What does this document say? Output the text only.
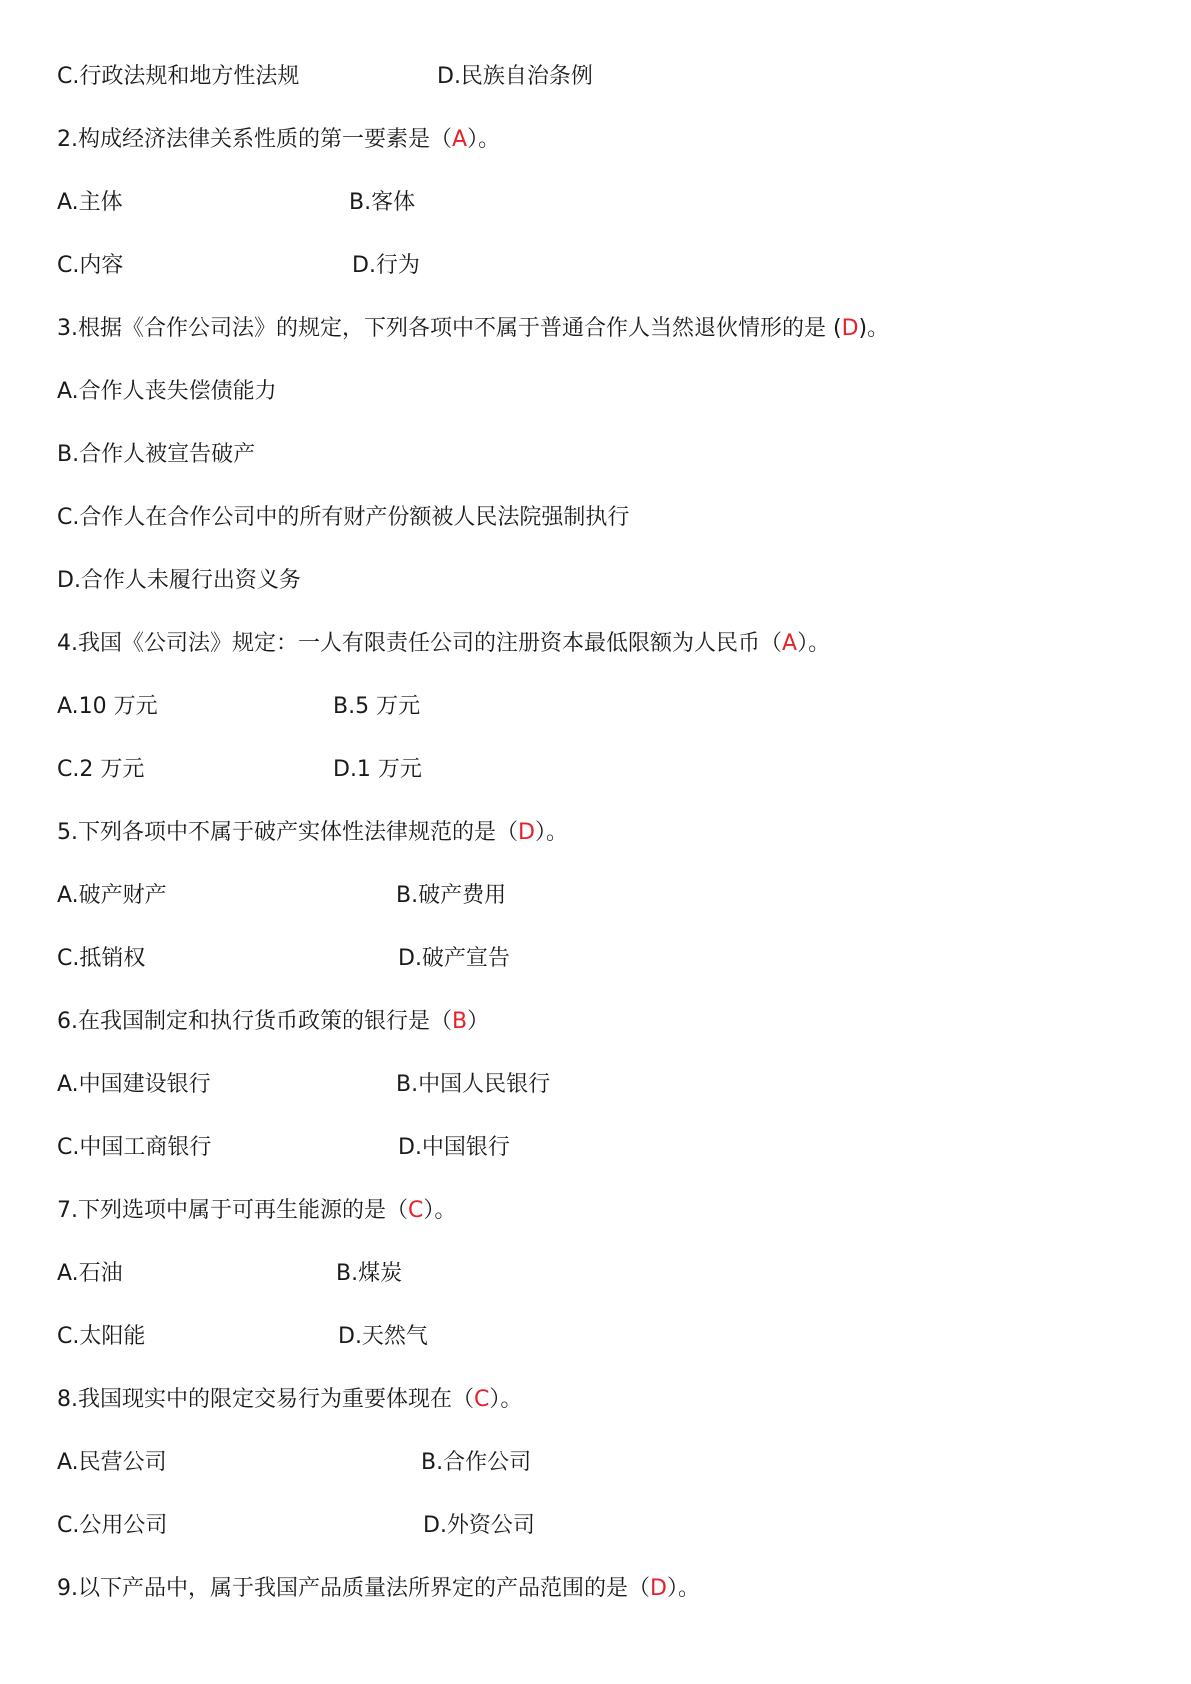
C.行政法规和地方性法规	D.民族自治条例
2.构成经济法律关系性质的第一要素是（A）。
A.主体	B.客体
C.内容	D.行为
3.根据《合作公司法》的规定，下列各项中不属于普通合作人当然退伙情形的是 (D)。
A.合作人丧失偿债能力
B.合作人被宣告破产
C.合作人在合作公司中的所有财产份额被人民法院强制执行
D.合作人未履行出资义务
4.我国《公司法》规定：一人有限责任公司的注册资本最低限额为人民币（A）。
A.10 万元	B.5 万元
C.2 万元	D.1 万元
5.下列各项中不属于破产实体性法律规范的是（D）。
A.破产财产	B.破产费用
C.抵销权	D.破产宣告
6.在我国制定和执行货币政策的银行是（B）
A.中国建设银行	B.中国人民银行
C.中国工商银行	D.中国银行
7.下列选项中属于可再生能源的是（C）。
A.石油	B.煤炭
C.太阳能	D.天然气
8.我国现实中的限定交易行为重要体现在（C）。
A.民营公司	B.合作公司
C.公用公司	D.外资公司
9.以下产品中，属于我国产品质量法所界定的产品范围的是（D）。
